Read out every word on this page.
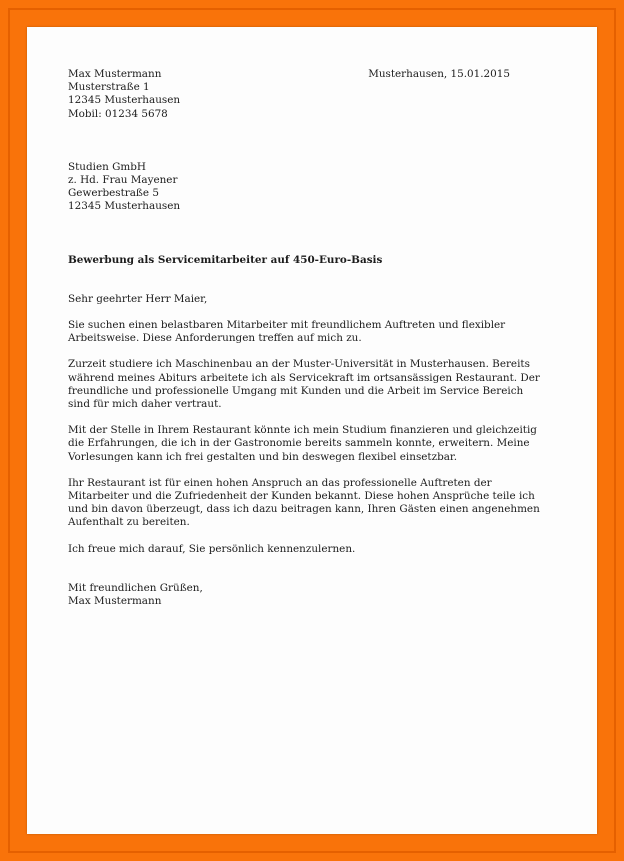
Max Mustermann
Musterstraße 1
12345 Musterhausen
Mobil: 01234 5678
Musterhausen, 15.01.2015
Studien GmbH
z. Hd. Frau Mayener
Gewerbestraße 5
12345 Musterhausen
Bewerbung als Servicemitarbeiter auf 450-Euro-Basis
Sehr geehrter Herr Maier,
Sie suchen einen belastbaren Mitarbeiter mit freundlichem Auftreten und flexibler
Arbeitsweise. Diese Anforderungen treffen auf mich zu.
Zurzeit studiere ich Maschinenbau an der Muster-Universität in Musterhausen. Bereits
während meines Abiturs arbeitete ich als Servicekraft im ortsansässigen Restaurant. Der
freundliche und professionelle Umgang mit Kunden und die Arbeit im Service Bereich
sind für mich daher vertraut.
Mit der Stelle in Ihrem Restaurant könnte ich mein Studium finanzieren und gleichzeitig
die Erfahrungen, die ich in der Gastronomie bereits sammeln konnte, erweitern. Meine
Vorlesungen kann ich frei gestalten und bin deswegen flexibel einsetzbar.
Ihr Restaurant ist für einen hohen Anspruch an das professionelle Auftreten der
Mitarbeiter und die Zufriedenheit der Kunden bekannt. Diese hohen Ansprüche teile ich
und bin davon überzeugt, dass ich dazu beitragen kann, Ihren Gästen einen angenehmen
Aufenthalt zu bereiten.
Ich freue mich darauf, Sie persönlich kennenzulernen.
Mit freundlichen Grüßen,
Max Mustermann
